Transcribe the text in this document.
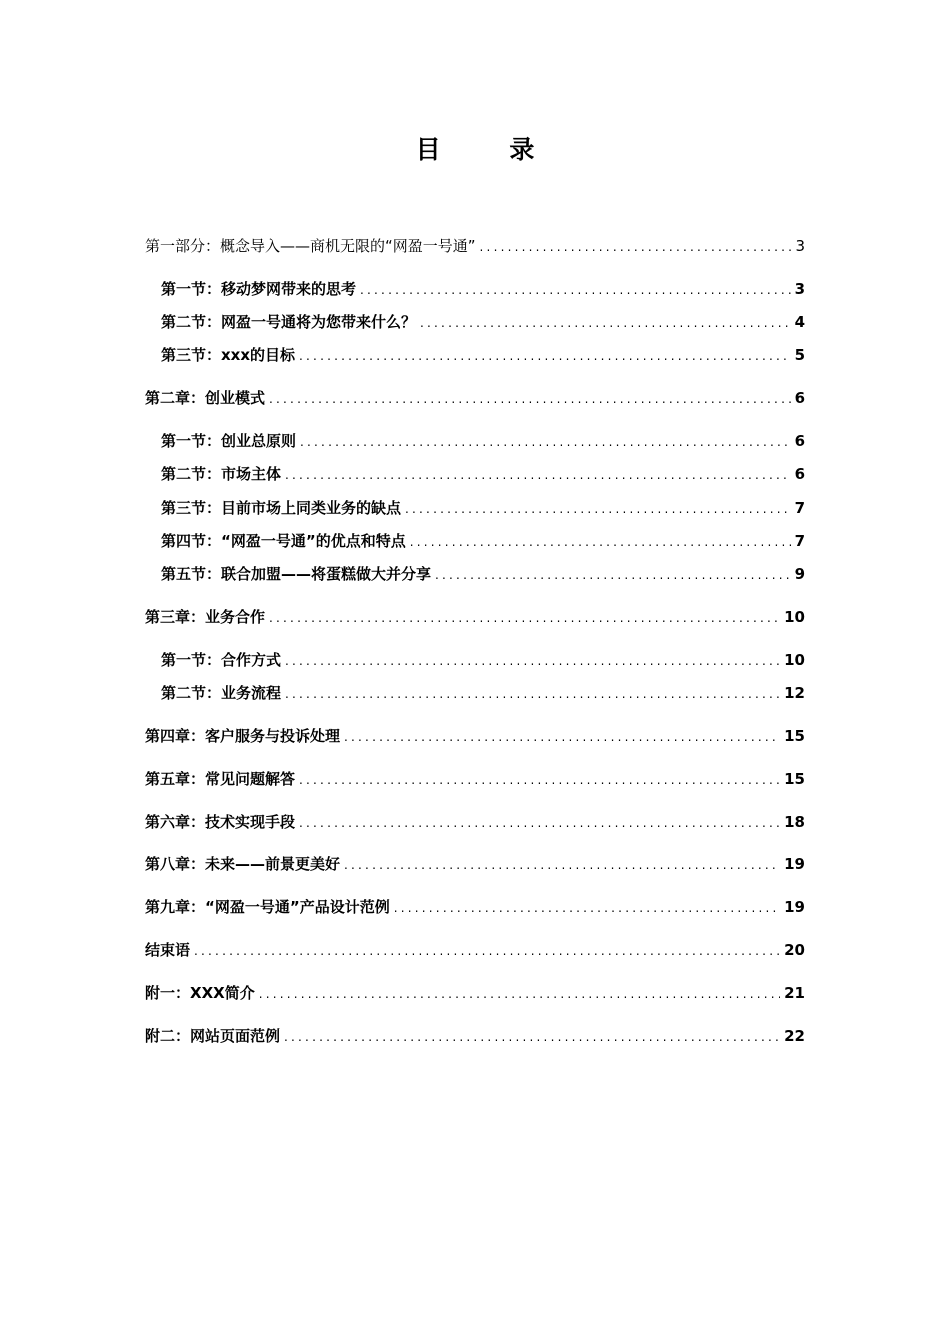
目 录
第一部分：概念导入——商机无限的“网盈一号通” .....	3
第一节：移动梦网带来的思考 .....	3
第二节：网盈一号通将为您带来什么？ .....	4
第三节：xxx的目标 .....	5
第二章：创业模式 .....	6
第一节：创业总原则 .....	6
第二节：市场主体 .....	6
第三节：目前市场上同类业务的缺点 .....	7
第四节：“网盈一号通”的优点和特点 .....	7
第五节：联合加盟——将蛋糕做大并分享 .....	9
第三章：业务合作 .....	10
第一节：合作方式 .....	10
第二节：业务流程 .....	12
第四章：客户服务与投诉处理 .....	15
第五章：常见问题解答 .....	15
第六章：技术实现手段 .....	18
第八章：未来——前景更美好 .....	19
第九章：“网盈一号通”产品设计范例 .....	19
结束语 .....	20
附一：XXX简介 .....	21
附二：网站页面范例 .....	22
